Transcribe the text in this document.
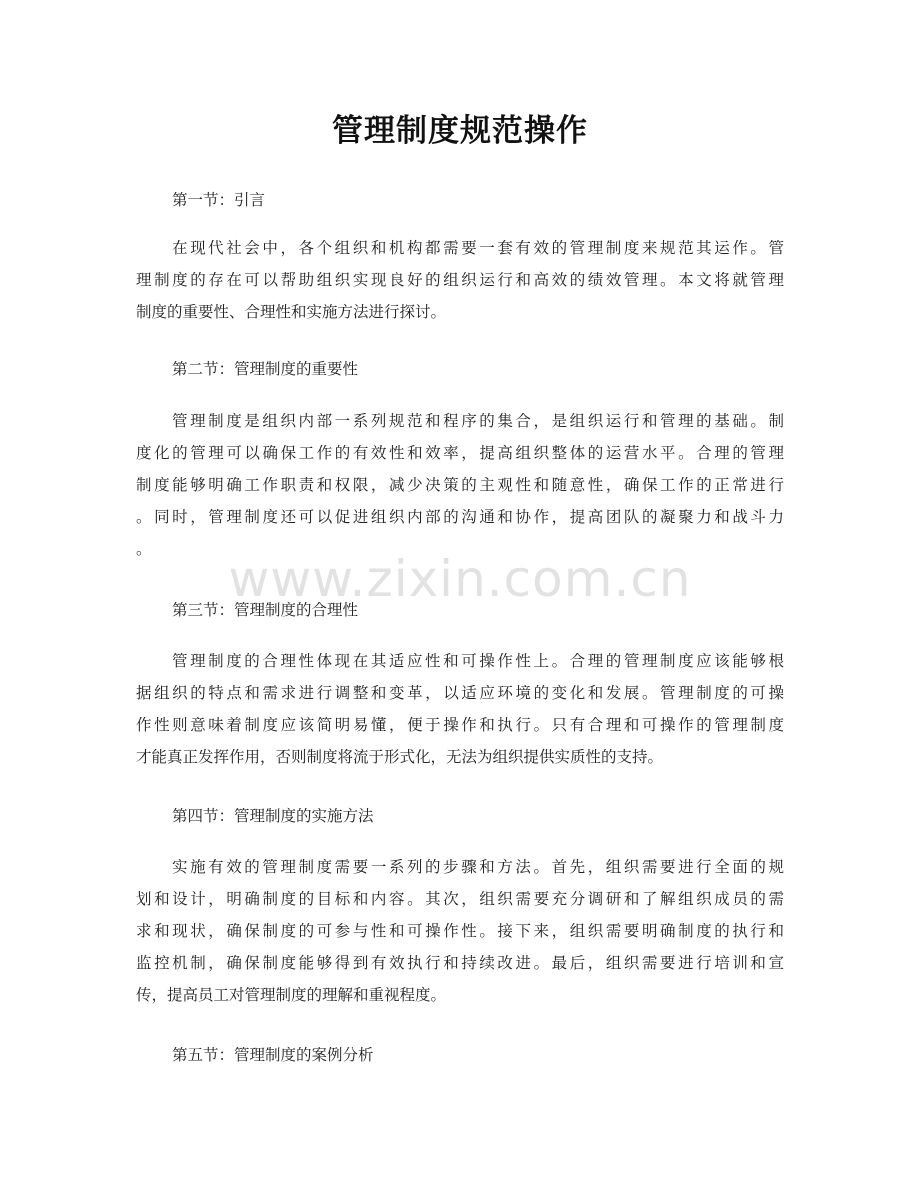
管理制度规范操作
第一节：引言
在现代社会中，各个组织和机构都需要一套有效的管理制度来规范其运作。管
理制度的存在可以帮助组织实现良好的组织运行和高效的绩效管理。本文将就管理
制度的重要性、合理性和实施方法进行探讨。
第二节：管理制度的重要性
管理制度是组织内部一系列规范和程序的集合，是组织运行和管理的基础。制
度化的管理可以确保工作的有效性和效率，提高组织整体的运营水平。合理的管理
制度能够明确工作职责和权限，减少决策的主观性和随意性，确保工作的正常进行
。同时，管理制度还可以促进组织内部的沟通和协作，提高团队的凝聚力和战斗力
。
www.zixin.com.cn
第三节：管理制度的合理性
管理制度的合理性体现在其适应性和可操作性上。合理的管理制度应该能够根
据组织的特点和需求进行调整和变革，以适应环境的变化和发展。管理制度的可操
作性则意味着制度应该简明易懂，便于操作和执行。只有合理和可操作的管理制度
才能真正发挥作用，否则制度将流于形式化，无法为组织提供实质性的支持。
第四节：管理制度的实施方法
实施有效的管理制度需要一系列的步骤和方法。首先，组织需要进行全面的规
划和设计，明确制度的目标和内容。其次，组织需要充分调研和了解组织成员的需
求和现状，确保制度的可参与性和可操作性。接下来，组织需要明确制度的执行和
监控机制，确保制度能够得到有效执行和持续改进。最后，组织需要进行培训和宣
传，提高员工对管理制度的理解和重视程度。
第五节：管理制度的案例分析
